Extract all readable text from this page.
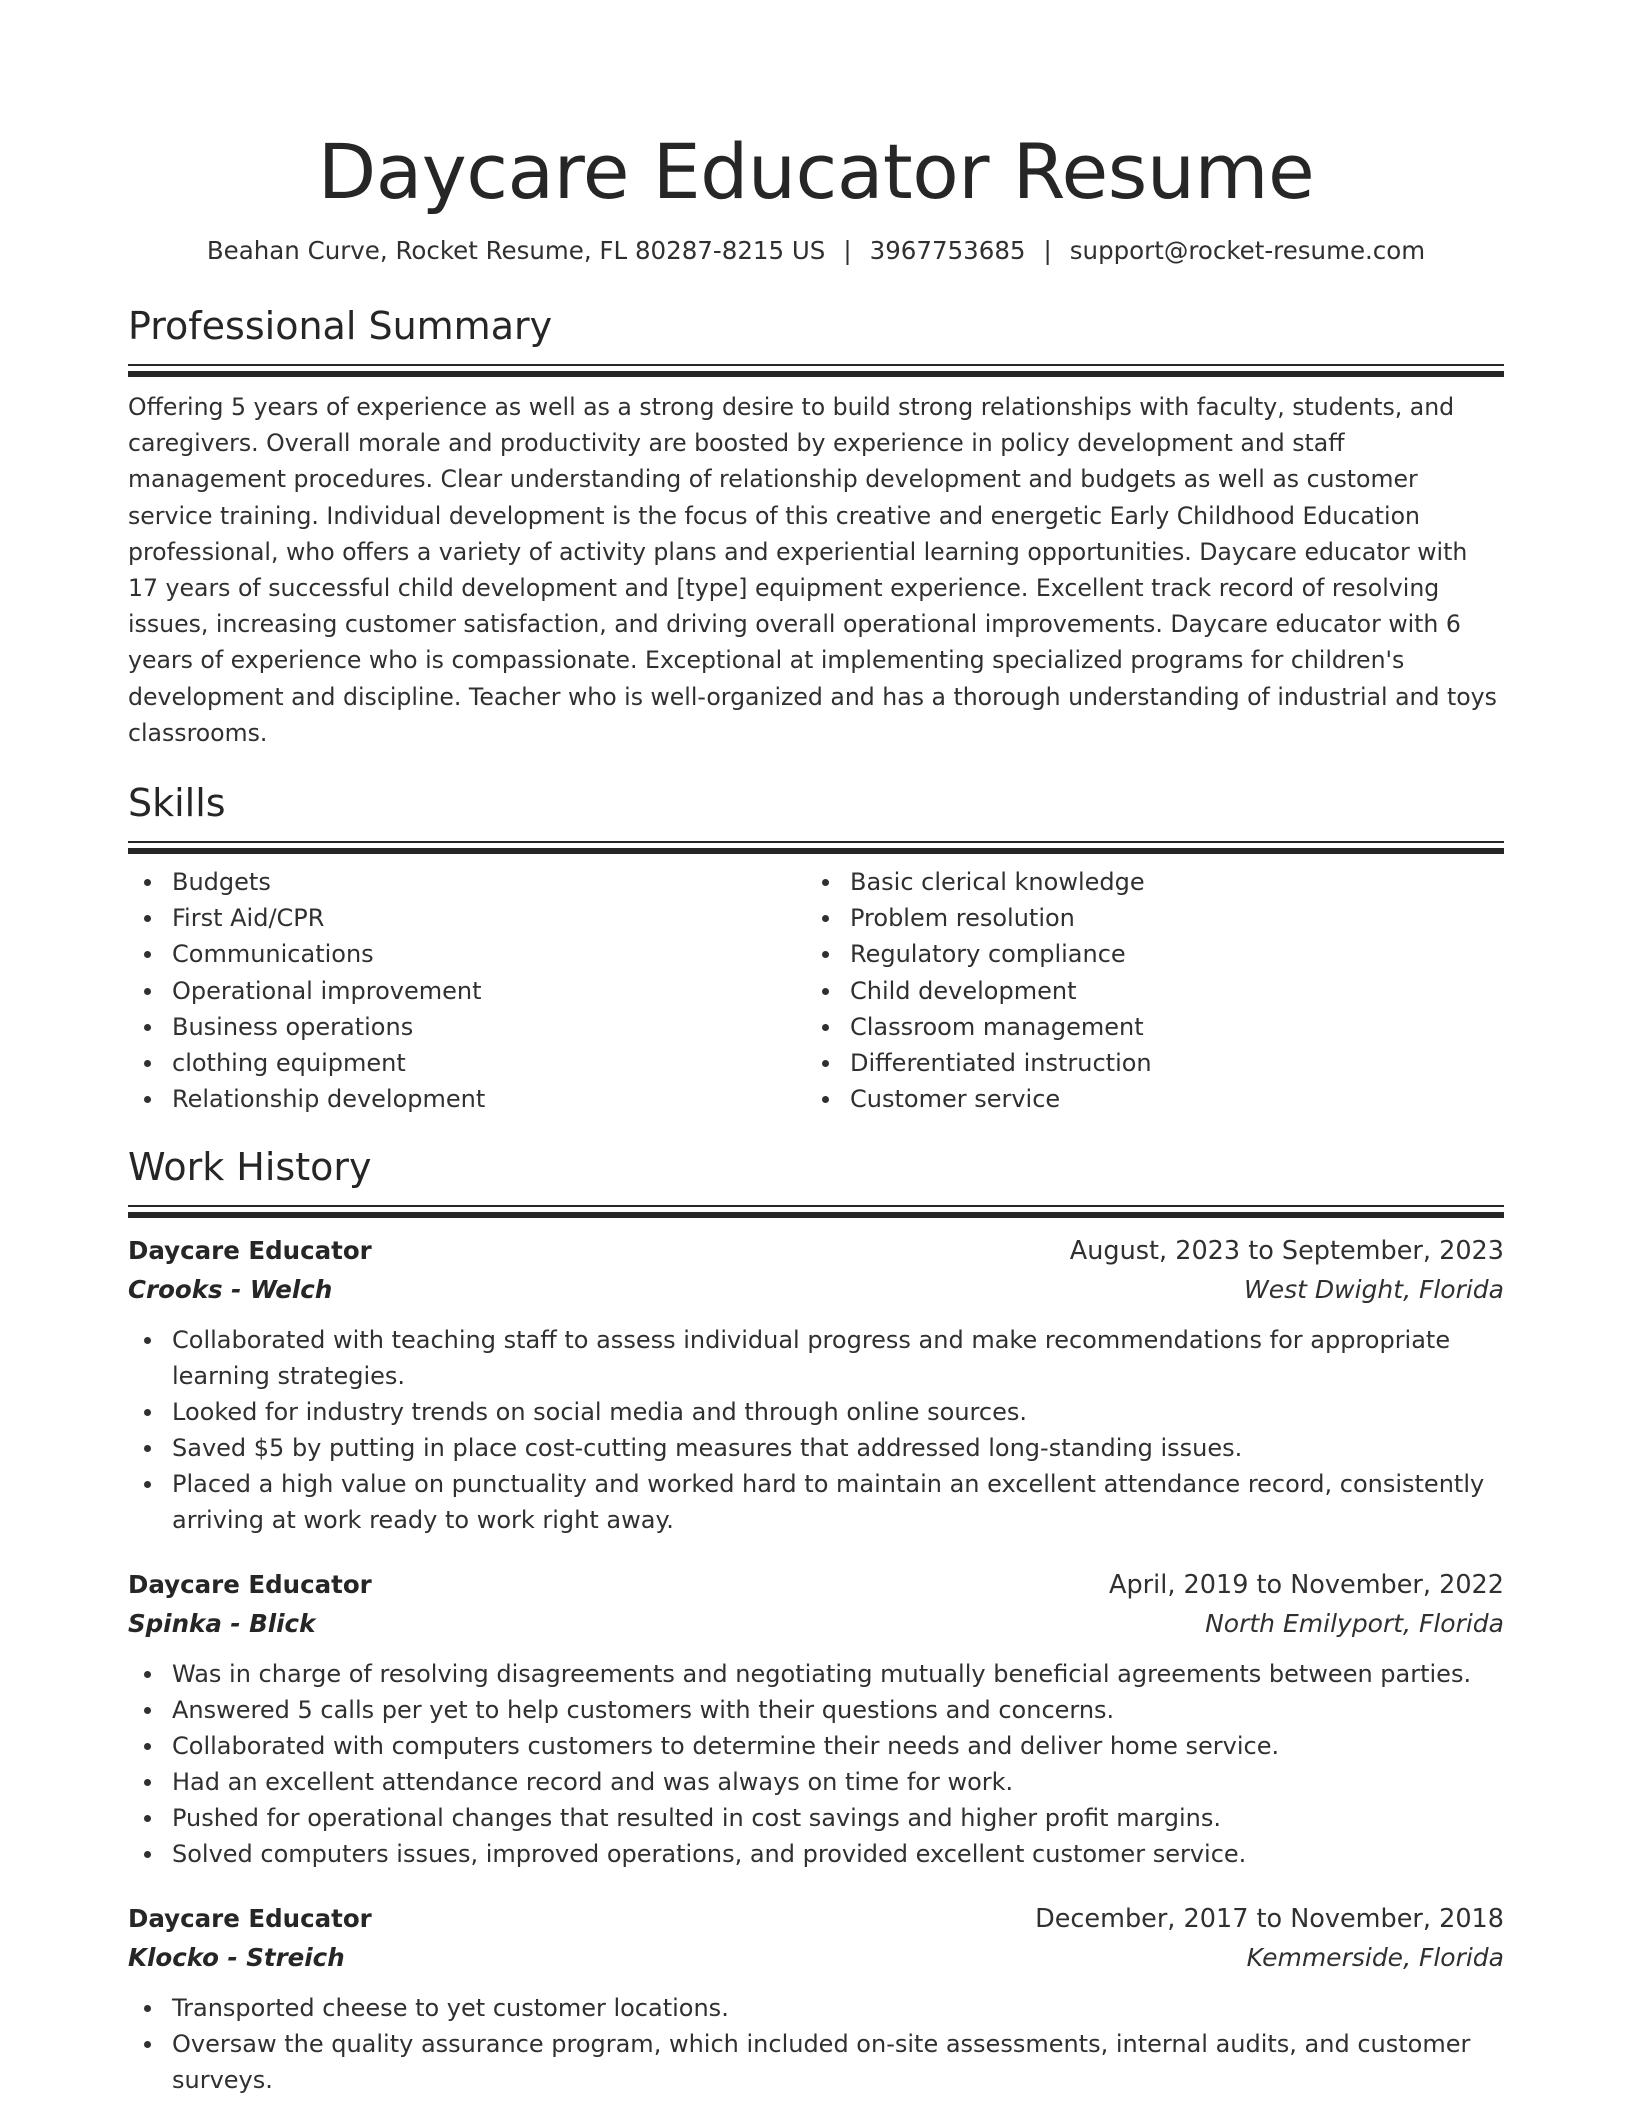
Daycare Educator Resume
Beahan Curve, Rocket Resume, FL 80287-8215 US | 3967753685 | support@rocket-resume.com
Professional Summary

Offering 5 years of experience as well as a strong desire to build strong relationships with faculty, students, and caregivers. Overall morale and productivity are boosted by experience in policy development and staff management procedures. Clear understanding of relationship development and budgets as well as customer service training. Individual development is the focus of this creative and energetic Early Childhood Education professional, who offers a variety of activity plans and experiential learning opportunities. Daycare educator with 17 years of successful child development and [type] equipment experience. Excellent track record of resolving issues, increasing customer satisfaction, and driving overall operational improvements. Daycare educator with 6 years of experience who is compassionate. Exceptional at implementing specialized programs for children's development and discipline. Teacher who is well-organized and has a thorough understanding of industrial and toys classrooms.

Skills
Budgets
First Aid/CPR
Communications
Operational improvement
Business operations
clothing equipment
Relationship development
Basic clerical knowledge
Problem resolution
Regulatory compliance
Child development
Classroom management
Differentiated instruction
Customer service
Work History
Daycare Educator	August, 2023 to September, 2023
Crooks - Welch	West Dwight, Florida
Collaborated with teaching staff to assess individual progress and make recommendations for appropriate learning strategies.
Looked for industry trends on social media and through online sources.
Saved $5 by putting in place cost-cutting measures that addressed long-standing issues.
Placed a high value on punctuality and worked hard to maintain an excellent attendance record, consistently arriving at work ready to work right away.
Daycare Educator	April, 2019 to November, 2022
Spinka - Blick	North Emilyport, Florida
Was in charge of resolving disagreements and negotiating mutually beneficial agreements between parties.
Answered 5 calls per yet to help customers with their questions and concerns.
Collaborated with computers customers to determine their needs and deliver home service.
Had an excellent attendance record and was always on time for work.
Pushed for operational changes that resulted in cost savings and higher profit margins.
Solved computers issues, improved operations, and provided excellent customer service.
Daycare Educator	December, 2017 to November, 2018
Klocko - Streich	Kemmerside, Florida
Transported cheese to yet customer locations.
Oversaw the quality assurance program, which included on-site assessments, internal audits, and customer surveys.
